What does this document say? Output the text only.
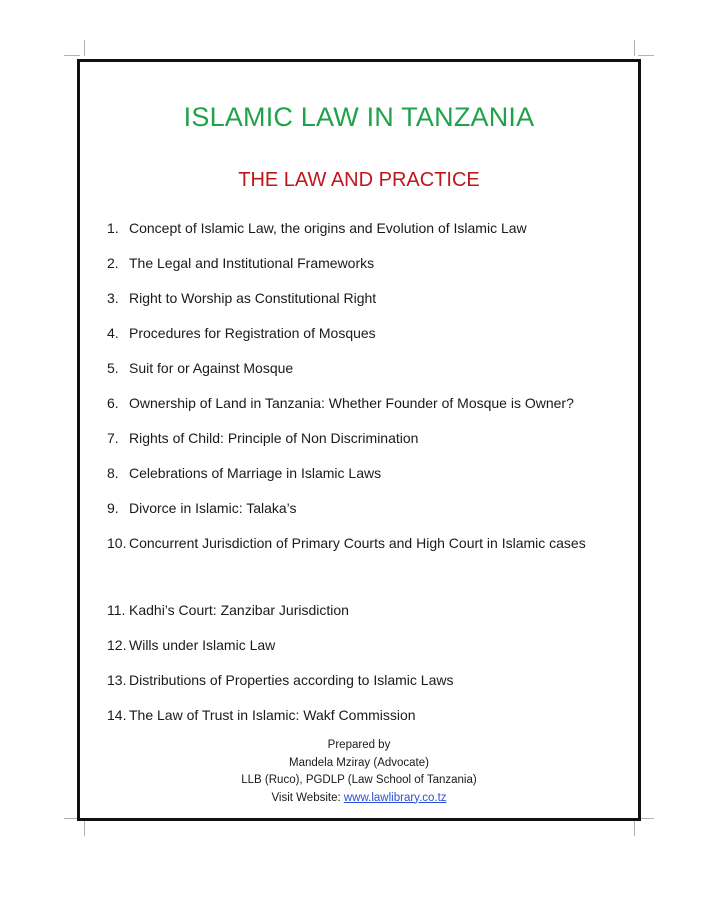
ISLAMIC LAW IN TANZANIA
THE LAW AND PRACTICE
1. Concept of Islamic Law, the origins and Evolution of Islamic Law
2. The Legal and Institutional Frameworks
3. Right to Worship as Constitutional Right
4. Procedures for Registration of Mosques
5. Suit for or Against Mosque
6. Ownership of Land in Tanzania: Whether Founder of Mosque is Owner?
7. Rights of Child: Principle of Non Discrimination
8. Celebrations of Marriage in Islamic Laws
9. Divorce in Islamic: Talaka’s
10. Concurrent Jurisdiction of Primary Courts and High Court in Islamic cases
11. Kadhi’s Court: Zanzibar Jurisdiction
12. Wills under Islamic Law
13. Distributions of Properties according to Islamic Laws
14. The Law of Trust in Islamic: Wakf Commission
Prepared by
Mandela Mziray (Advocate)
LLB (Ruco), PGDLP (Law School of Tanzania)
Visit Website: www.lawlibrary.co.tz
